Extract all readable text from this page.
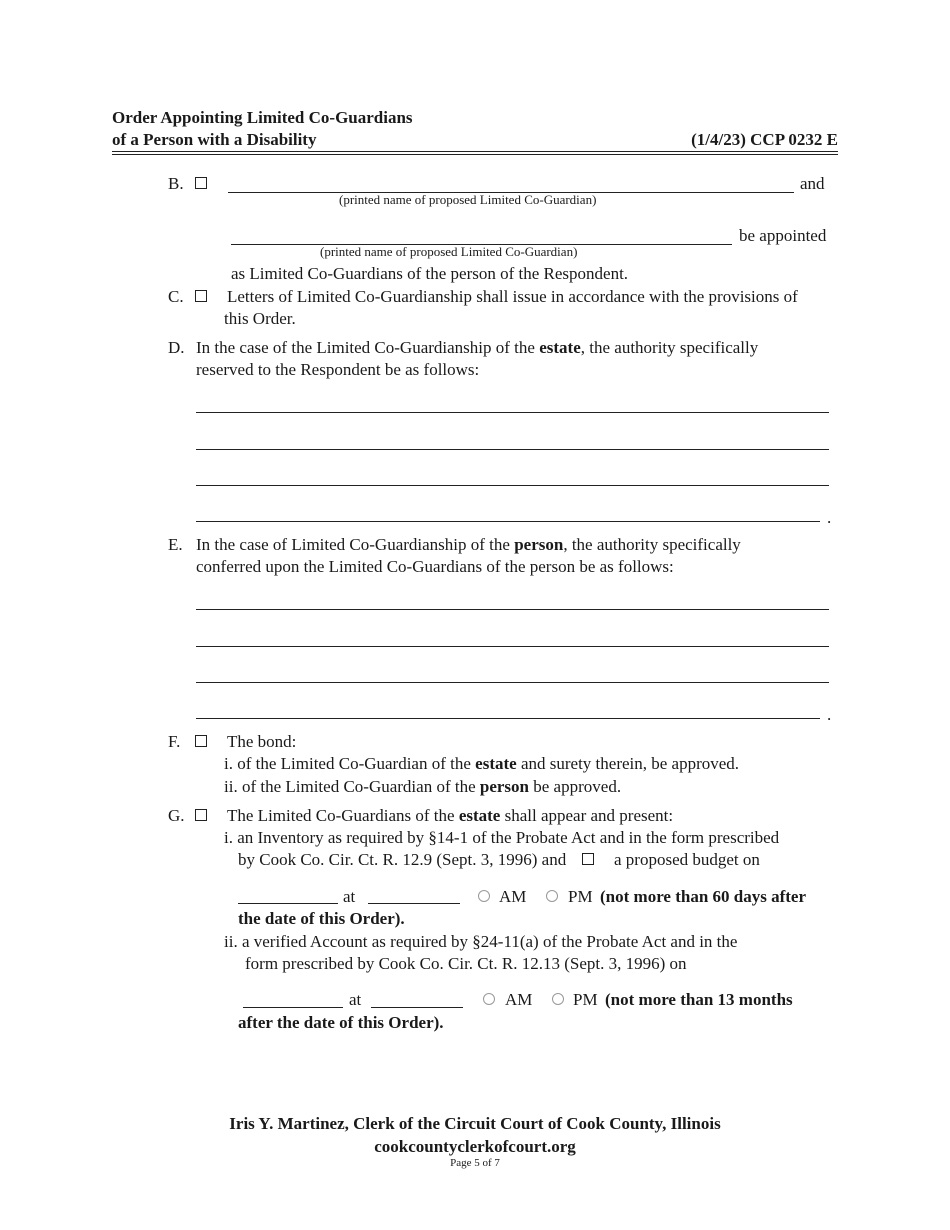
Order Appointing Limited Co-Guardians
of a Person with a Disability	(1/4/23) CCP 0232 E
B.	and
(printed name of proposed Limited Co-Guardian)
be appointed
(printed name of proposed Limited Co-Guardian)
as Limited Co-Guardians of the person of the Respondent.
C.	Letters of Limited Co-Guardianship shall issue in accordance with the provisions of
this Order.
D. In the case of the Limited Co-Guardianship of the estate, the authority specifically
reserved to the Respondent be as follows:
.
E. In the case of Limited Co-Guardianship of the person, the authority specifically
conferred upon the Limited Co-Guardians of the person be as follows:
.
F.	The bond:
i. of the Limited Co-Guardian of the estate and surety therein, be approved.
ii. of the Limited Co-Guardian of the person be approved.
G. The Limited Co-Guardians of the estate shall appear and present:
i. an Inventory as required by §14-1 of the Probate Act and in the form prescribed
by Cook Co. Cir. Ct. R. 12.9 (Sept. 3, 1996) and	a proposed budget on
at	AM PM (not more than 60 days after
the date of this Order).
ii. a verified Account as required by §24-11(a) of the Probate Act and in the
form prescribed by Cook Co. Cir. Ct. R. 12.13 (Sept. 3, 1996) on
at	AM PM (not more than 13 months
after the date of this Order).
Iris Y. Martinez, Clerk of the Circuit Court of Cook County, Illinois
cookcountyclerkofcourt.org
Page 5 of 7
